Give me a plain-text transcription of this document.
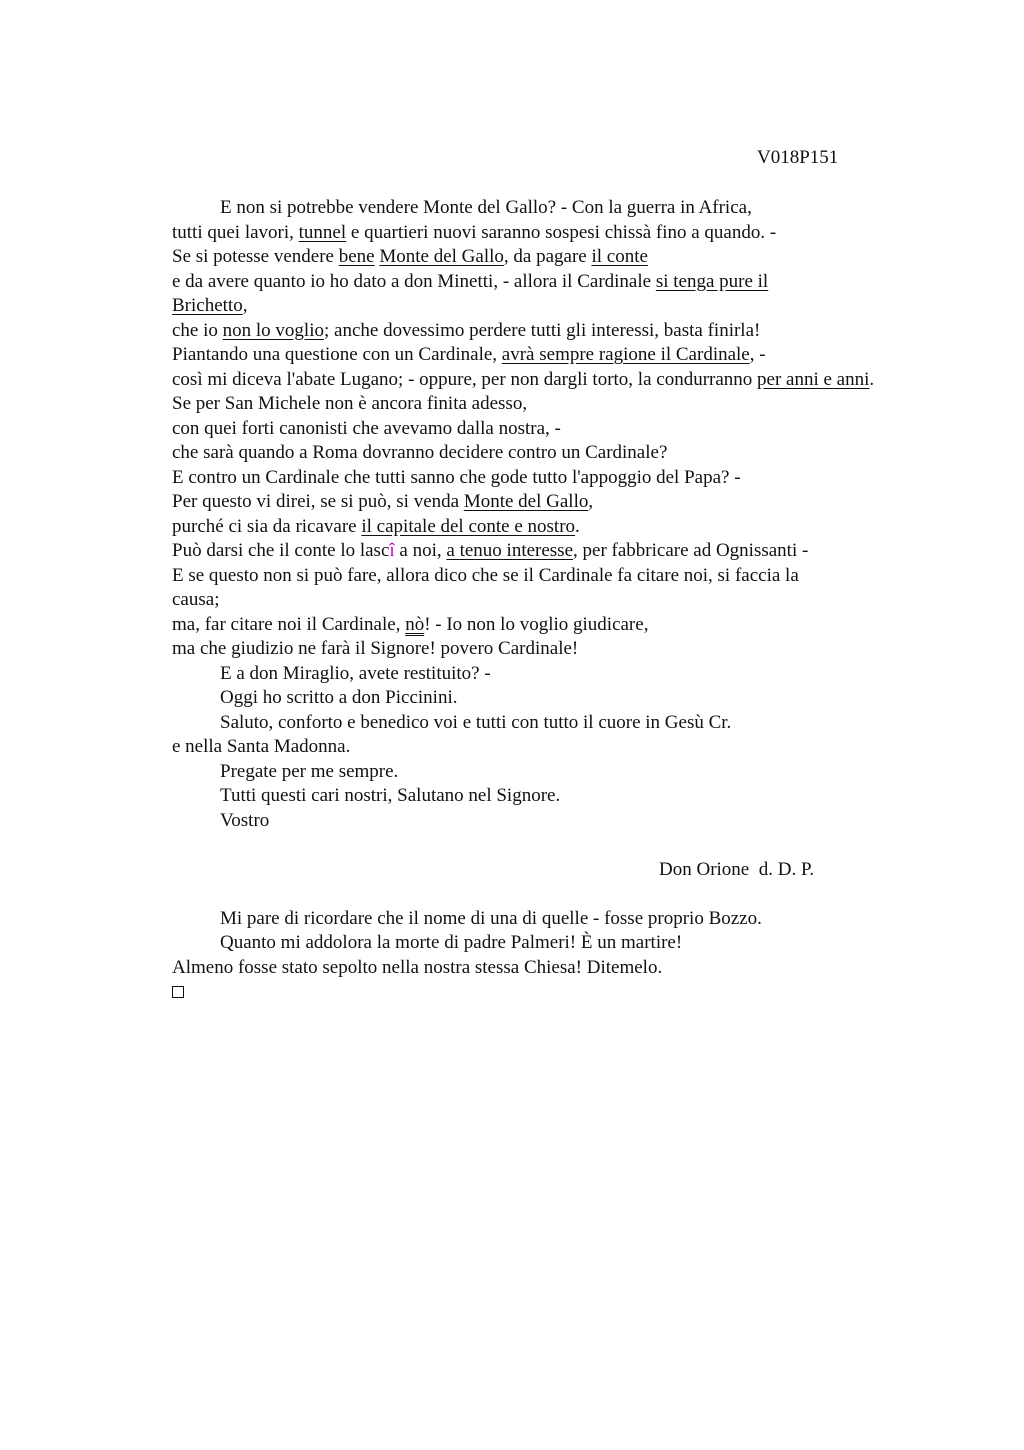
V018P151
E non si potrebbe vendere Monte del Gallo? - Con la guerra in Africa,
tutti quei lavori, tunnel e quartieri nuovi saranno sospesi chissà fino a quando. -
Se si potesse vendere bene Monte del Gallo, da pagare il conte
e da avere quanto io ho dato a don Minetti, - allora il Cardinale si tenga pure il
Brichetto,
che io non lo voglio; anche dovessimo perdere tutti gli interessi, basta finirla!
Piantando una questione con un Cardinale, avrà sempre ragione il Cardinale, -
così mi diceva l'abate Lugano; - oppure, per non dargli torto, la condurranno per anni e anni.
Se per San Michele non è ancora finita adesso,
con quei forti canonisti che avevamo dalla nostra, -
che sarà quando a Roma dovranno decidere contro un Cardinale?
E contro un Cardinale che tutti sanno che gode tutto l'appoggio del Papa? -
Per questo vi direi, se si può, si venda Monte del Gallo,
purché ci sia da ricavare il capitale del conte e nostro.
Può darsi che il conte lo lascî a noi, a tenuo interesse, per fabbricare ad Ognissanti -
E se questo non si può fare, allora dico che se il Cardinale fa citare noi, si faccia la
causa;
ma, far citare noi il Cardinale, nò! - Io non lo voglio giudicare,
ma che giudizio ne farà il Signore! povero Cardinale!
E a don Miraglio, avete restituito? -
Oggi ho scritto a don Piccinini.
Saluto, conforto e benedico voi e tutti con tutto il cuore in Gesù Cr.
e nella Santa Madonna.
Pregate per me sempre.
Tutti questi cari nostri, Salutano nel Signore.
Vostro
Don Orione  d. D. P.
Mi pare di ricordare che il nome di una di quelle - fosse proprio Bozzo.
Quanto mi addolora la morte di padre Palmeri! È un martire!
Almeno fosse stato sepolto nella nostra stessa Chiesa! Ditemelo.
